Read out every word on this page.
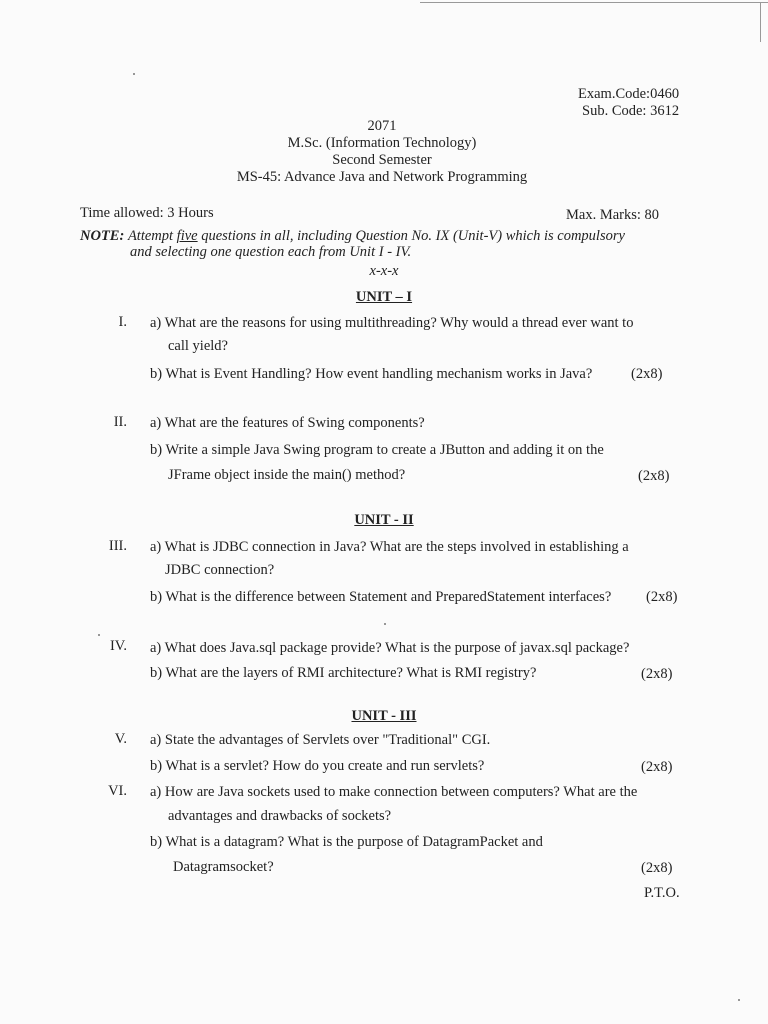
Exam.Code:0460
Sub. Code: 3612
2071
M.Sc. (Information Technology)
Second Semester
MS-45: Advance Java and Network Programming
Time allowed: 3 Hours	Max. Marks: 80
NOTE: Attempt five questions in all, including Question No. IX (Unit-V) which is compulsory
and selecting one question each from Unit I - IV.
x-x-x
UNIT – I
I. a) What are the reasons for using multithreading? Why would a thread ever want to
call yield?
b) What is Event Handling? How event handling mechanism works in Java?	(2x8)
II. a) What are the features of Swing components?
b) Write a simple Java Swing program to create a JButton and adding it on the
JFrame object inside the main() method?	(2x8)
UNIT - II
III. a) What is JDBC connection in Java? What are the steps involved in establishing a
JDBC connection?
b) What is the difference between Statement and PreparedStatement interfaces? (2x8)
IV. a) What does Java.sql package provide? What is the purpose of javax.sql package?
b) What are the layers of RMI architecture? What is RMI registry?	(2x8)
UNIT - III
V. a) State the advantages of Servlets over "Traditional" CGI.
b) What is a servlet? How do you create and run servlets?	(2x8)
VI. a) How are Java sockets used to make connection between computers? What are the
advantages and drawbacks of sockets?
b) What is a datagram? What is the purpose of DatagramPacket and
Datagramsocket?	(2x8)
P.T.O.
